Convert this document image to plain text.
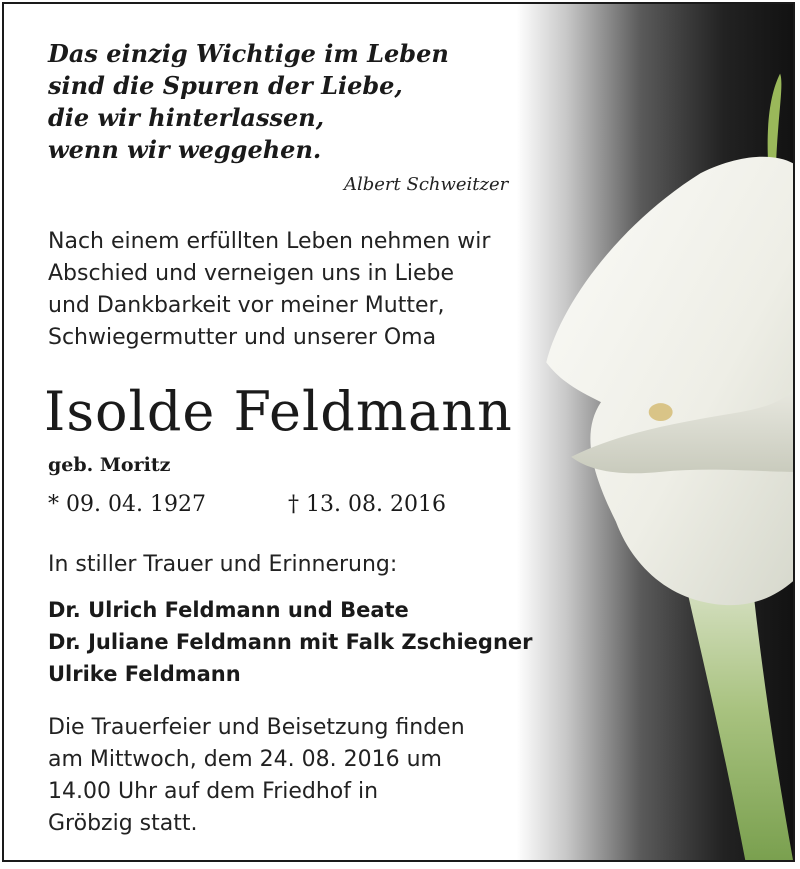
Das einzig Wichtige im Leben
sind die Spuren der Liebe,
die wir hinterlassen,
wenn wir weggehen.
Albert Schweitzer
Nach einem erfüllten Leben nehmen wir
Abschied und verneigen uns in Liebe
und Dankbarkeit vor meiner Mutter,
Schwiegermutter und unserer Oma
Isolde Feldmann
geb. Moritz
* 09. 04. 1927	† 13. 08. 2016
In stiller Trauer und Erinnerung:
Dr. Ulrich Feldmann und Beate
Dr. Juliane Feldmann mit Falk Zschiegner
Ulrike Feldmann
Die Trauerfeier und Beisetzung finden
am Mittwoch, dem 24. 08. 2016 um
14.00 Uhr auf dem Friedhof in
Gröbzig statt.
